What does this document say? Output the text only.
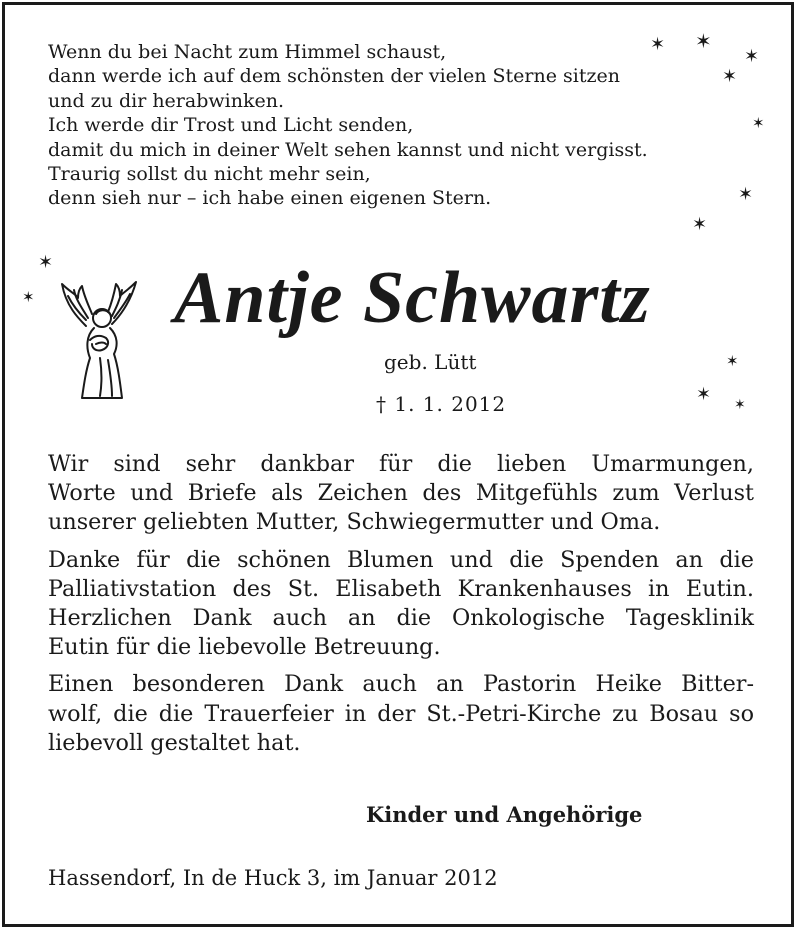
Wenn du bei Nacht zum Himmel schaust,
dann werde ich auf dem schönsten der vielen Sterne sitzen
und zu dir herabwinken.
Ich werde dir Trost und Licht senden,
damit du mich in deiner Welt sehen kannst und nicht vergisst.
Traurig sollst du nicht mehr sein,
denn sieh nur – ich habe einen eigenen Stern.
✶ ✶
✶
✶
✶
✶
✶
✶
✶
✶
✶ ✶
Antje Schwartz
geb. Lütt
† 1. 1. 2012

Wir sind sehr dankbar für die lieben Umarmungen,
Worte und Briefe als Zeichen des Mitgefühls zum Verlust
unserer geliebten Mutter, Schwiegermutter und Oma.

Danke für die schönen Blumen und die Spenden an die
Palliativstation des St. Elisabeth Krankenhauses in Eutin.
Herzlichen Dank auch an die Onkologische Tagesklinik
Eutin für die liebevolle Betreuung.

Einen besonderen Dank auch an Pastorin Heike Bitter-
wolf, die die Trauerfeier in der St.-Petri-Kirche zu Bosau so
liebevoll gestaltet hat.

Kinder und Angehörige
Hassendorf, In de Huck 3, im Januar 2012
